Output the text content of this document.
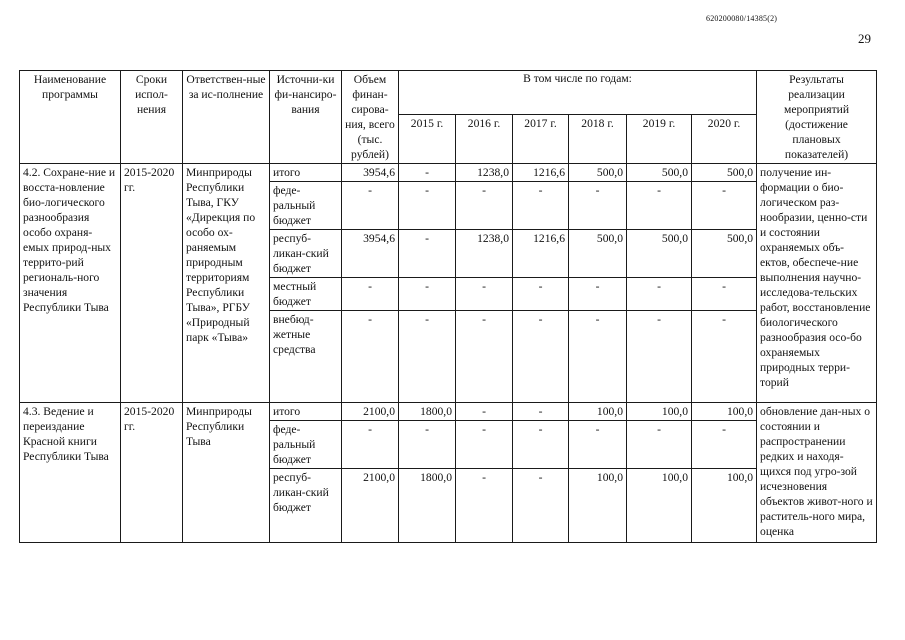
620200080/14385(2)
29
Наименование программы	Сроки испол-нения	Ответствен-ные за ис-полнение	Источни-ки фи-нансиро-вания	Объем финан-сирова-ния, всего (тыс. рублей)	В том числе по годам:						Результаты реализации мероприятий (достижение плановых показателей)
					2015 г.	2016 г.	2017 г.	2018 г.	2019 г.	2020 г.	
4.2. Сохране-ние и восста-новление био-логического разнообразия особо охраня-емых природ-ных террито-рий региональ-ного значения Республики Тыва	2015-2020 гг.	Минприроды Республики Тыва, ГКУ «Дирекция по особо ох-раняемым природным территориям Республики Тыва», РГБУ «Природный парк «Тыва»	итого	3954,6	-	1238,0	1216,6	500,0	500,0	500,0	получение ин-формации о био-логическом раз-нообразии, ценно-сти и состоянии охраняемых объ-ектов, обеспече-ние выполнения научно-исследова-тельских работ, восстановление биологического разнообразия осо-бо охраняемых природных терри-торий
			феде-ральный бюджет	-	-	-	-	-	-	-	
			респуб-ликан-ский бюджет	3954,6	-	1238,0	1216,6	500,0	500,0	500,0	
			местный бюджет	-	-	-	-	-	-	-	
			внебюд-жетные средства	-	-	-	-	-	-	-	
4.3. Ведение и переиздание Красной книги Республики Тыва	2015-2020 гг.	Минприроды Республики Тыва	итого	2100,0	1800,0	-	-	100,0	100,0	100,0	обновление дан-ных о состоянии и распространении редких и находя-щихся под угро-зой исчезновения объектов живот-ного и раститель-ного мира, оценка
			феде-ральный бюджет	-	-	-	-	-	-	-	
			респуб-ликан-ский бюджет	2100,0	1800,0	-	-	100,0	100,0	100,0	
